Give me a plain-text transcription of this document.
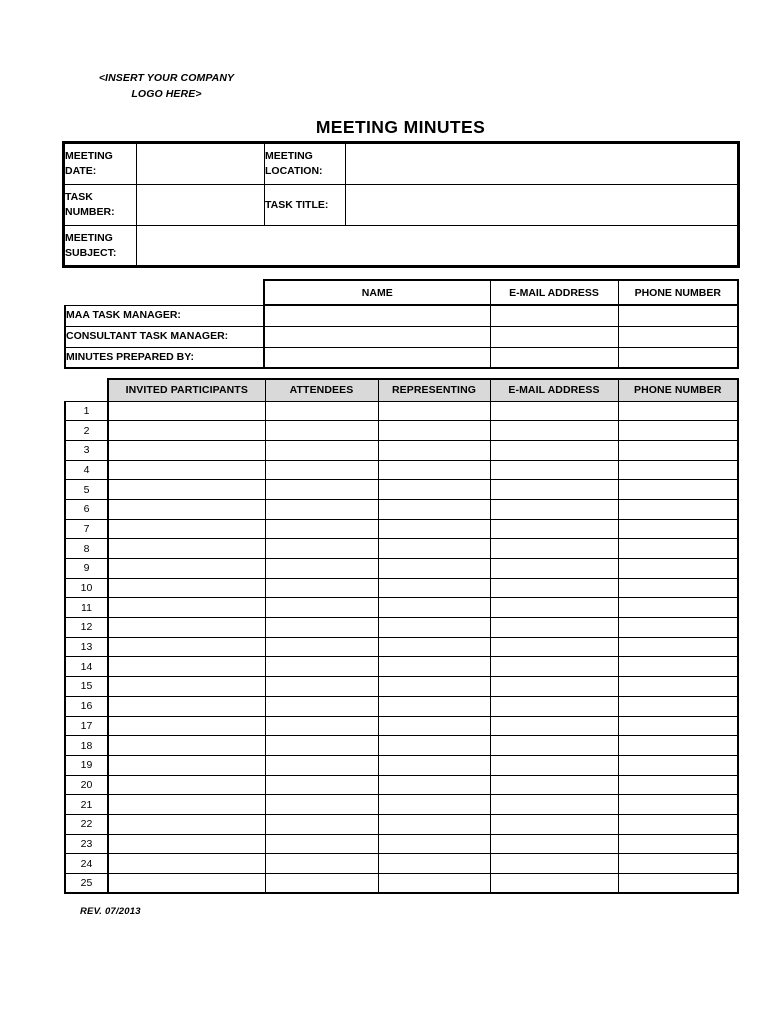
<INSERT YOUR COMPANY
LOGO HERE>
MEETING MINUTES
MEETING DATE:		MEETING LOCATION:	
TASK NUMBER:		TASK TITLE:	
MEETING SUBJECT:			
	NAME	E-MAIL ADDRESS	PHONE NUMBER
MAA TASK MANAGER:			
CONSULTANT TASK MANAGER:			
MINUTES PREPARED BY:			
	INVITED PARTICIPANTS	ATTENDEES	REPRESENTING	E-MAIL ADDRESS	PHONE NUMBER
1					
2					
3					
4					
5					
6					
7					
8					
9					
10					
11					
12					
13					
14					
15					
16					
17					
18					
19					
20					
21					
22					
23					
24					
25					
REV. 07/2013
